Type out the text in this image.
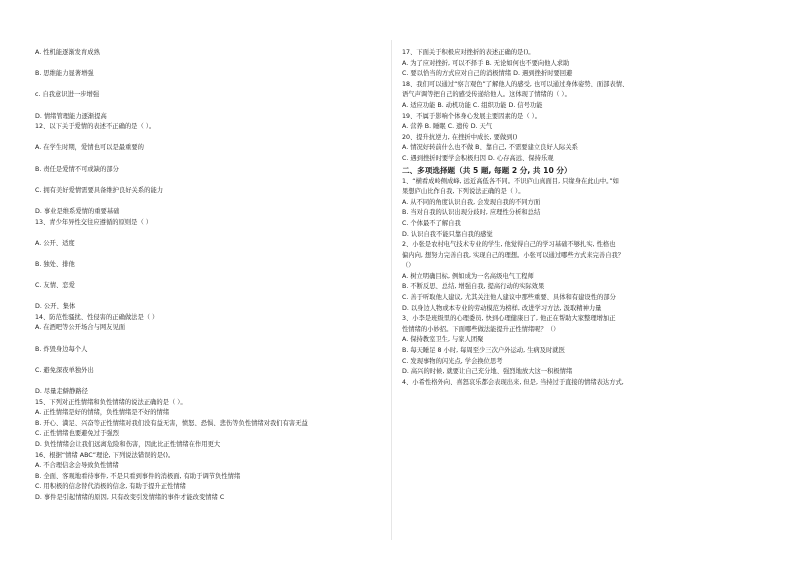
A. 性机能逐渐发育成熟
B. 思维能力显著增强
c. 自我意识进一步增强
D. 情绪管理能力逐渐提高
12、以下关于爱情的表述不正确的是（ ）。
A. 在学生时期，爱情也可以是最重要的
B. 责任是爱情不可或缺的部分
C. 拥有美好爱情需要具备维护良好关系的能力
D. 事业是维系爱情的重要基础
13、青少年异性交往应遵循的原则是（ ）
A. 公开、适度
B. 独处、排他
C. 友情、恋爱
D. 公开、集体
14、防范性骚扰、性侵害的正确做法是（ ）
A. 在酒吧等公开场合与网友见面
B. 炸毁身边每个人
C. 避免深夜单独外出
D. 尽量走僻静路径
15、下列对正性情绪和负性情绪的说法正确的是（ ）。
A. 正性情绪是好的情绪，负性情绪是不好的情绪
B. 开心、満足、兴奋等正性情绪对我们没有益无害，愤怒、恐惧、悲伤等负性情绪对我们有害无益
C. 正性情绪也要避免过于强烈
D. 负性情绪会让我们远离危险和伤害，因此比正性情绪在作用更大
16、根据“情绪 ABC”理论, 下列说法错误的是()。
A. 不合理信念会导致负性情绪
B. 全面、客观地看待事件, 不是只看到事件的消极面, 有助于调节负性情绪
C. 用积极的信念替代消极的信念, 有助于提升正性情绪
D. 事件是引起情绪的原因, 只有改变引发情绪的事件才能改变情绪 C
17、下面关于积极应对挫折的表述正确的是()。
A. 为了应对挫折, 可以不择手 B. 无论如何也不要向他人求助
C. 要以恰当的方式应对自己的消极情绪 D. 遇到挫折时要回避
18、我们可以通过“察言观色”了解他人的感受, 也可以通过身体姿势、面部表情、
语气声调等把自己的感受传递给他人。这体现了情绪的（ ）。
A. 适应功能 B. 动机功能 C. 组织功能 D. 信号功能
19、不属于影响个体身心发展主要因素的是（ ）。
A. 营养 B. 睡眠 C. 遗传 D. 天气
20、提升抗逆力, 在挫折中成长, 要做到()
A. 情况好转前什么也不做 B、靠自己, 不需要建立良好人际关系
C. 遇到挫折时要学会积极归因 D. 心存高远、保持乐观
二、多项选择题（共 5 题, 每题 2 分, 共 10 分）
1、“横看成岭侧成峰, 远近高低各不同。不识庐山真面目, 只缘身在此山中。”如
果想庐山比作自我, 下列说法正确的是（ ）。
A. 从不同的角度认识自我, 会发现自我的不同方面
B. 当对自我的认识出现分歧时, 应理性分析和总结
C. 个体最不了解自我
D. 认识自我不能只靠自我的感觉
2、小张是农村电气技术专业的学生, 他觉得自己的学习基础不够扎实, 性格也
偏内向, 想努力完善自我, 实现自己的理想。小张可以通过哪些方式来完善自我？
（）
A. 树立明确目标, 例如成为一名高级电气工程师
B. 不断反思、总结, 增强自我, 提高行动的实际效果
C. 善于听取他人建议, 尤其关注他人建议中那些重要、具体和有建设性的部分
D. 以身边人物或本专业的劳动模范为榜样, 改进学习方法, 汲取精神力量
3、小李是班级里的心理委员, 快到心理健康日了, 他正在帮助大家整理增加正
性情绪的小妙招。下面哪些做法能提升正性情绪呢？（）
A. 保持教室卫生, 与家人团聚
B. 每天睡足 8 小时, 每周至少三次户外运动, 生病及时就医
C. 发现事物的闪光点, 学会换位思考
D. 高兴的时候, 就要让自己充分地、强烈地放大这一积极情绪
4、小希性格外向、喜怒哀乐都会表现出来, 但是, 当持过于直接的情绪表达方式,
